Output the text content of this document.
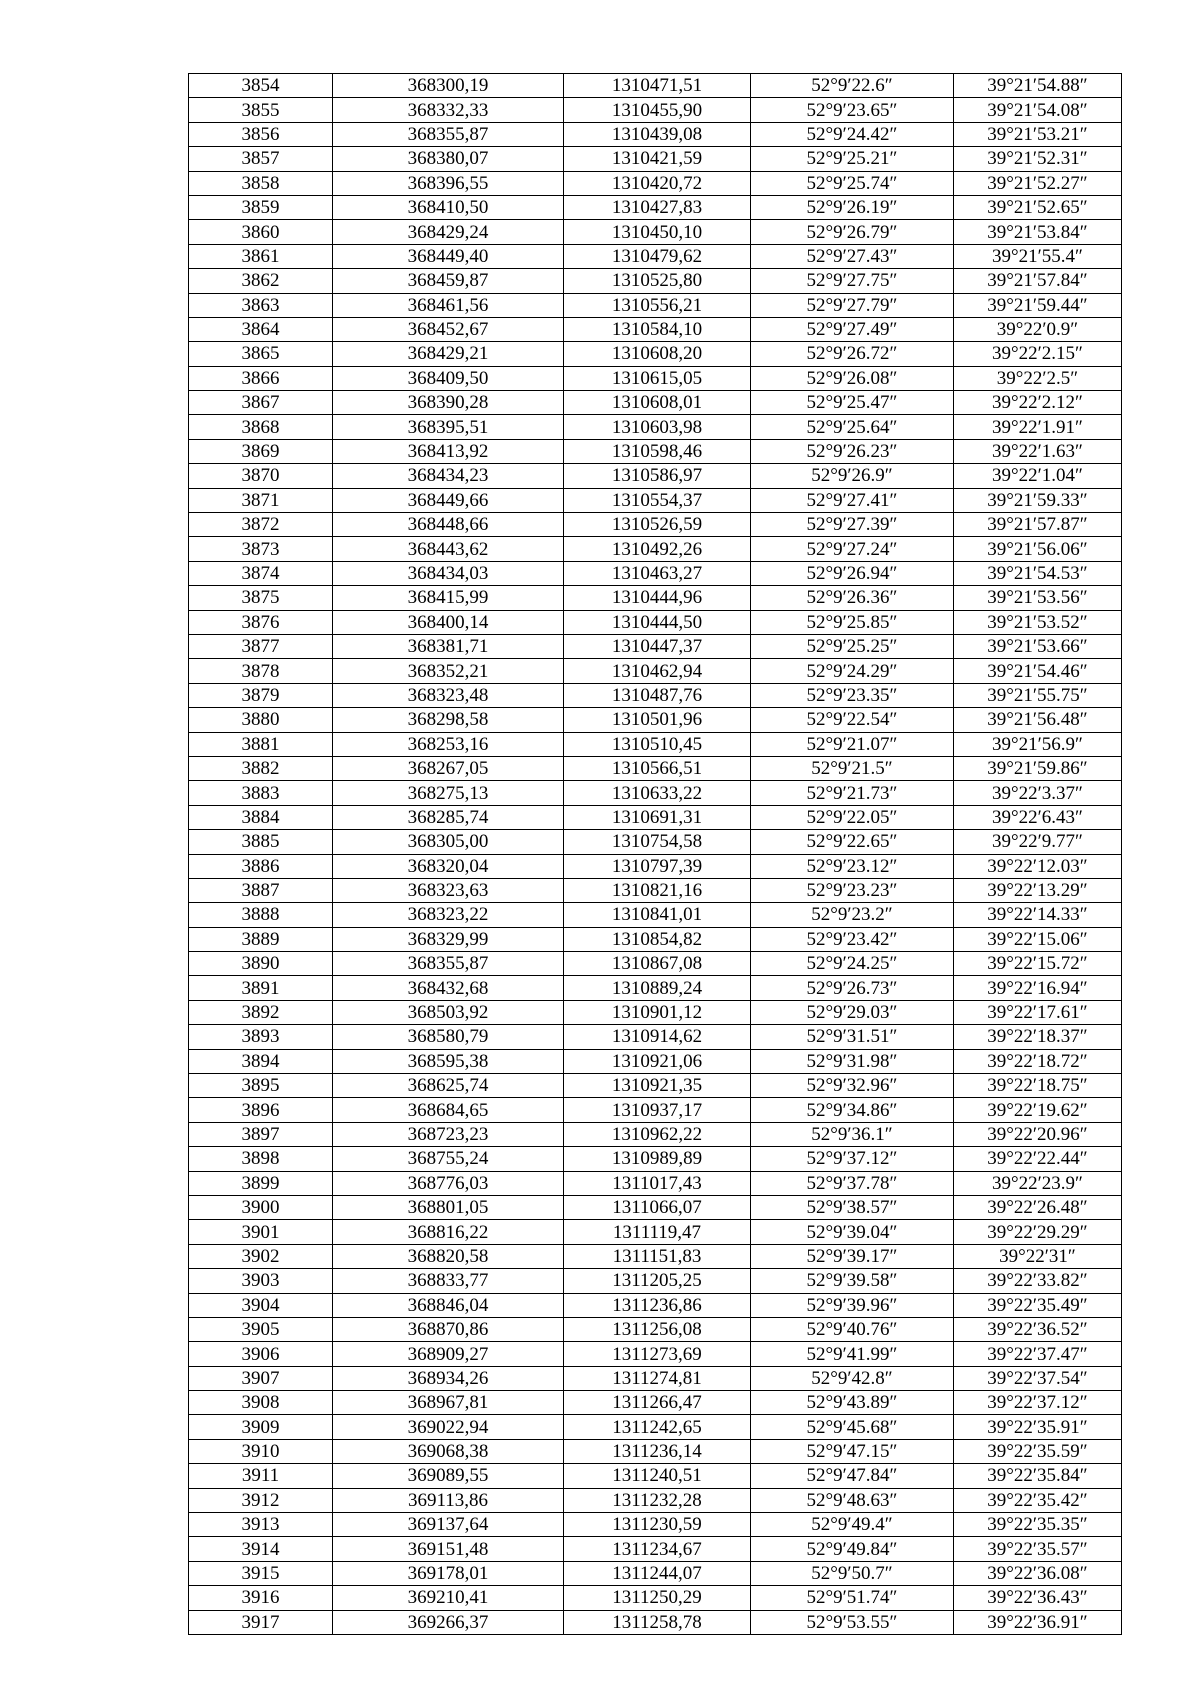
3854	368300,19	1310471,51	52°9′22.6″	39°21′54.88″
3855	368332,33	1310455,90	52°9′23.65″	39°21′54.08″
3856	368355,87	1310439,08	52°9′24.42″	39°21′53.21″
3857	368380,07	1310421,59	52°9′25.21″	39°21′52.31″
3858	368396,55	1310420,72	52°9′25.74″	39°21′52.27″
3859	368410,50	1310427,83	52°9′26.19″	39°21′52.65″
3860	368429,24	1310450,10	52°9′26.79″	39°21′53.84″
3861	368449,40	1310479,62	52°9′27.43″	39°21′55.4″
3862	368459,87	1310525,80	52°9′27.75″	39°21′57.84″
3863	368461,56	1310556,21	52°9′27.79″	39°21′59.44″
3864	368452,67	1310584,10	52°9′27.49″	39°22′0.9″
3865	368429,21	1310608,20	52°9′26.72″	39°22′2.15″
3866	368409,50	1310615,05	52°9′26.08″	39°22′2.5″
3867	368390,28	1310608,01	52°9′25.47″	39°22′2.12″
3868	368395,51	1310603,98	52°9′25.64″	39°22′1.91″
3869	368413,92	1310598,46	52°9′26.23″	39°22′1.63″
3870	368434,23	1310586,97	52°9′26.9″	39°22′1.04″
3871	368449,66	1310554,37	52°9′27.41″	39°21′59.33″
3872	368448,66	1310526,59	52°9′27.39″	39°21′57.87″
3873	368443,62	1310492,26	52°9′27.24″	39°21′56.06″
3874	368434,03	1310463,27	52°9′26.94″	39°21′54.53″
3875	368415,99	1310444,96	52°9′26.36″	39°21′53.56″
3876	368400,14	1310444,50	52°9′25.85″	39°21′53.52″
3877	368381,71	1310447,37	52°9′25.25″	39°21′53.66″
3878	368352,21	1310462,94	52°9′24.29″	39°21′54.46″
3879	368323,48	1310487,76	52°9′23.35″	39°21′55.75″
3880	368298,58	1310501,96	52°9′22.54″	39°21′56.48″
3881	368253,16	1310510,45	52°9′21.07″	39°21′56.9″
3882	368267,05	1310566,51	52°9′21.5″	39°21′59.86″
3883	368275,13	1310633,22	52°9′21.73″	39°22′3.37″
3884	368285,74	1310691,31	52°9′22.05″	39°22′6.43″
3885	368305,00	1310754,58	52°9′22.65″	39°22′9.77″
3886	368320,04	1310797,39	52°9′23.12″	39°22′12.03″
3887	368323,63	1310821,16	52°9′23.23″	39°22′13.29″
3888	368323,22	1310841,01	52°9′23.2″	39°22′14.33″
3889	368329,99	1310854,82	52°9′23.42″	39°22′15.06″
3890	368355,87	1310867,08	52°9′24.25″	39°22′15.72″
3891	368432,68	1310889,24	52°9′26.73″	39°22′16.94″
3892	368503,92	1310901,12	52°9′29.03″	39°22′17.61″
3893	368580,79	1310914,62	52°9′31.51″	39°22′18.37″
3894	368595,38	1310921,06	52°9′31.98″	39°22′18.72″
3895	368625,74	1310921,35	52°9′32.96″	39°22′18.75″
3896	368684,65	1310937,17	52°9′34.86″	39°22′19.62″
3897	368723,23	1310962,22	52°9′36.1″	39°22′20.96″
3898	368755,24	1310989,89	52°9′37.12″	39°22′22.44″
3899	368776,03	1311017,43	52°9′37.78″	39°22′23.9″
3900	368801,05	1311066,07	52°9′38.57″	39°22′26.48″
3901	368816,22	1311119,47	52°9′39.04″	39°22′29.29″
3902	368820,58	1311151,83	52°9′39.17″	39°22′31″
3903	368833,77	1311205,25	52°9′39.58″	39°22′33.82″
3904	368846,04	1311236,86	52°9′39.96″	39°22′35.49″
3905	368870,86	1311256,08	52°9′40.76″	39°22′36.52″
3906	368909,27	1311273,69	52°9′41.99″	39°22′37.47″
3907	368934,26	1311274,81	52°9′42.8″	39°22′37.54″
3908	368967,81	1311266,47	52°9′43.89″	39°22′37.12″
3909	369022,94	1311242,65	52°9′45.68″	39°22′35.91″
3910	369068,38	1311236,14	52°9′47.15″	39°22′35.59″
3911	369089,55	1311240,51	52°9′47.84″	39°22′35.84″
3912	369113,86	1311232,28	52°9′48.63″	39°22′35.42″
3913	369137,64	1311230,59	52°9′49.4″	39°22′35.35″
3914	369151,48	1311234,67	52°9′49.84″	39°22′35.57″
3915	369178,01	1311244,07	52°9′50.7″	39°22′36.08″
3916	369210,41	1311250,29	52°9′51.74″	39°22′36.43″
3917	369266,37	1311258,78	52°9′53.55″	39°22′36.91″
